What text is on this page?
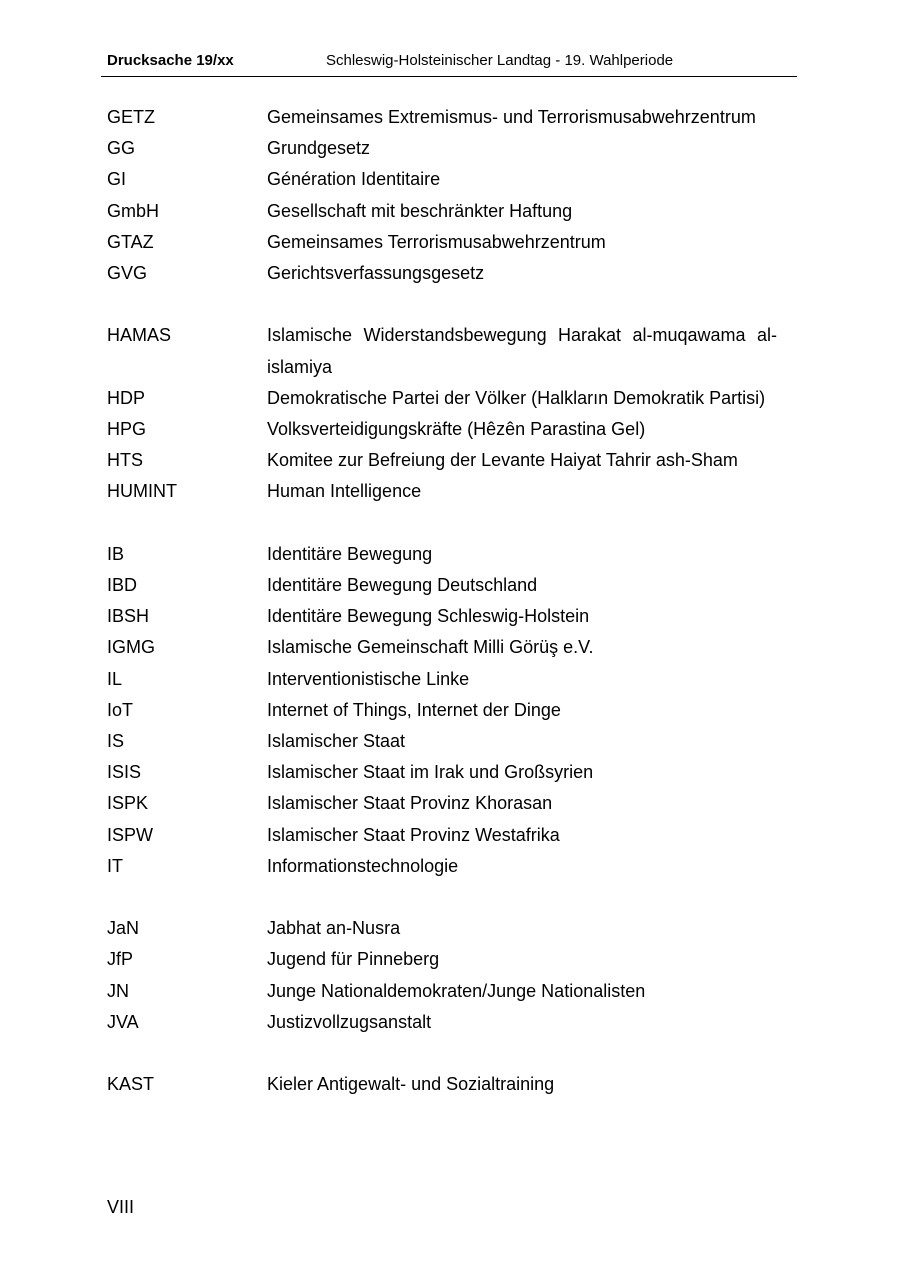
Drucksache 19/xx	Schleswig-Holsteinischer Landtag - 19. Wahlperiode
GETZ	Gemeinsames Extremismus- und Terrorismusabwehrzentrum
GG	Grundgesetz
GI	Génération Identitaire
GmbH	Gesellschaft mit beschränkter Haftung
GTAZ	Gemeinsames Terrorismusabwehrzentrum
GVG	Gerichtsverfassungsgesetz
HAMAS	Islamische Widerstandsbewegung Harakat al-muqawama al-islamiya
HDP	Demokratische Partei der Völker (Halkların Demokratik Partisi)
HPG	Volksverteidigungskräfte (Hêzên Parastina Gel)
HTS	Komitee zur Befreiung der Levante Haiyat Tahrir ash-Sham
HUMINT	Human Intelligence
IB	Identitäre Bewegung
IBD	Identitäre Bewegung Deutschland
IBSH	Identitäre Bewegung Schleswig-Holstein
IGMG	Islamische Gemeinschaft Milli Görüş e.V.
IL	Interventionistische Linke
IoT	Internet of Things, Internet der Dinge
IS	Islamischer Staat
ISIS	Islamischer Staat im Irak und Großsyrien
ISPK	Islamischer Staat Provinz Khorasan
ISPW	Islamischer Staat Provinz Westafrika
IT	Informationstechnologie
JaN	Jabhat an-Nusra
JfP	Jugend für Pinneberg
JN	Junge Nationaldemokraten/Junge Nationalisten
JVA	Justizvollzugsanstalt
KAST	Kieler Antigewalt- und Sozialtraining
VIII
